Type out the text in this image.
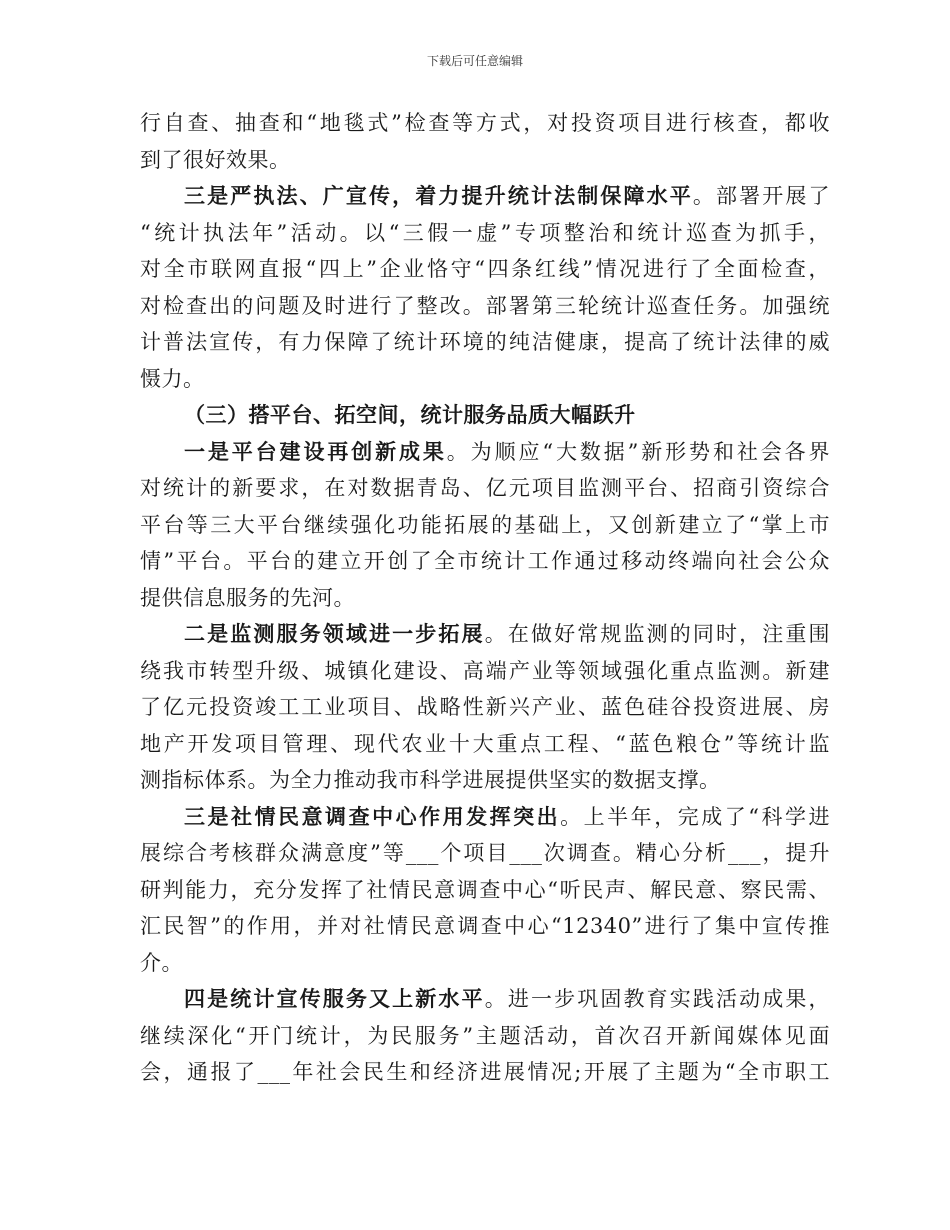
下载后可任意编辑
行自查、抽查和“地毯式”检查等方式，对投资项目进行核查，都收
到了很好效果。
三是严执法、广宣传，着力提升统计法制保障水平。部署开展了
“统计执法年”活动。以“三假一虚”专项整治和统计巡查为抓手，
对全市联网直报“四上”企业恪守“四条红线”情况进行了全面检查，
对检查出的问题及时进行了整改。部署第三轮统计巡查任务。加强统
计普法宣传，有力保障了统计环境的纯洁健康，提高了统计法律的威
慑力。
（三）搭平台、拓空间，统计服务品质大幅跃升
一是平台建设再创新成果。为顺应“大数据”新形势和社会各界
对统计的新要求，在对数据青岛、亿元项目监测平台、招商引资综合
平台等三大平台继续强化功能拓展的基础上，又创新建立了“掌上市
情”平台。平台的建立开创了全市统计工作通过移动终端向社会公众
提供信息服务的先河。
二是监测服务领域进一步拓展。在做好常规监测的同时，注重围
绕我市转型升级、城镇化建设、高端产业等领域强化重点监测。新建
了亿元投资竣工工业项目、战略性新兴产业、蓝色硅谷投资进展、房
地产开发项目管理、现代农业十大重点工程、“蓝色粮仓”等统计监
测指标体系。为全力推动我市科学进展提供坚实的数据支撑。
三是社情民意调查中心作用发挥突出。上半年，完成了“科学进
展综合考核群众满意度”等___个项目___次调查。精心分析___，提升
研判能力，充分发挥了社情民意调查中心“听民声、解民意、察民需、
汇民智”的作用，并对社情民意调查中心“12340”进行了集中宣传推
介。
四是统计宣传服务又上新水平。进一步巩固教育实践活动成果，
继续深化“开门统计，为民服务”主题活动，首次召开新闻媒体见面
会，通报了___年社会民生和经济进展情况;开展了主题为“全市职工
